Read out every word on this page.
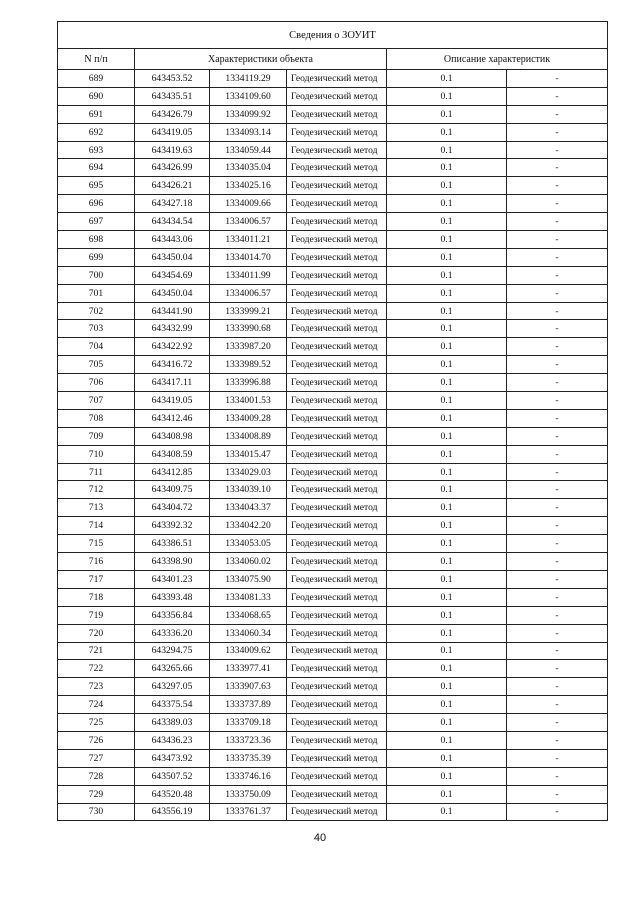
Сведения о ЗОУИТ					
N п/п	Характеристики объекта			Описание характеристик	
689	643453.52	1334119.29	Геодезический метод	0.1	-
690	643435.51	1334109.60	Геодезический метод	0.1	-
691	643426.79	1334099.92	Геодезический метод	0.1	-
692	643419.05	1334093.14	Геодезический метод	0.1	-
693	643419.63	1334059.44	Геодезический метод	0.1	-
694	643426.99	1334035.04	Геодезический метод	0.1	-
695	643426.21	1334025.16	Геодезический метод	0.1	-
696	643427.18	1334009.66	Геодезический метод	0.1	-
697	643434.54	1334006.57	Геодезический метод	0.1	-
698	643443.06	1334011.21	Геодезический метод	0.1	-
699	643450.04	1334014.70	Геодезический метод	0.1	-
700	643454.69	1334011.99	Геодезический метод	0.1	-
701	643450.04	1334006.57	Геодезический метод	0.1	-
702	643441.90	1333999.21	Геодезический метод	0.1	-
703	643432.99	1333990.68	Геодезический метод	0.1	-
704	643422.92	1333987.20	Геодезический метод	0.1	-
705	643416.72	1333989.52	Геодезический метод	0.1	-
706	643417.11	1333996.88	Геодезический метод	0.1	-
707	643419.05	1334001.53	Геодезический метод	0.1	-
708	643412.46	1334009.28	Геодезический метод	0.1	-
709	643408.98	1334008.89	Геодезический метод	0.1	-
710	643408.59	1334015.47	Геодезический метод	0.1	-
711	643412.85	1334029.03	Геодезический метод	0.1	-
712	643409.75	1334039.10	Геодезический метод	0.1	-
713	643404.72	1334043.37	Геодезический метод	0.1	-
714	643392.32	1334042.20	Геодезический метод	0.1	-
715	643386.51	1334053.05	Геодезический метод	0.1	-
716	643398.90	1334060.02	Геодезический метод	0.1	-
717	643401.23	1334075.90	Геодезический метод	0.1	-
718	643393.48	1334081.33	Геодезический метод	0.1	-
719	643356.84	1334068.65	Геодезический метод	0.1	-
720	643336.20	1334060.34	Геодезический метод	0.1	-
721	643294.75	1334009.62	Геодезический метод	0.1	-
722	643265.66	1333977.41	Геодезический метод	0.1	-
723	643297.05	1333907.63	Геодезический метод	0.1	-
724	643375.54	1333737.89	Геодезический метод	0.1	-
725	643389.03	1333709.18	Геодезический метод	0.1	-
726	643436.23	1333723.36	Геодезический метод	0.1	-
727	643473.92	1333735.39	Геодезический метод	0.1	-
728	643507.52	1333746.16	Геодезический метод	0.1	-
729	643520.48	1333750.09	Геодезический метод	0.1	-
730	643556.19	1333761.37	Геодезический метод	0.1	-
40
